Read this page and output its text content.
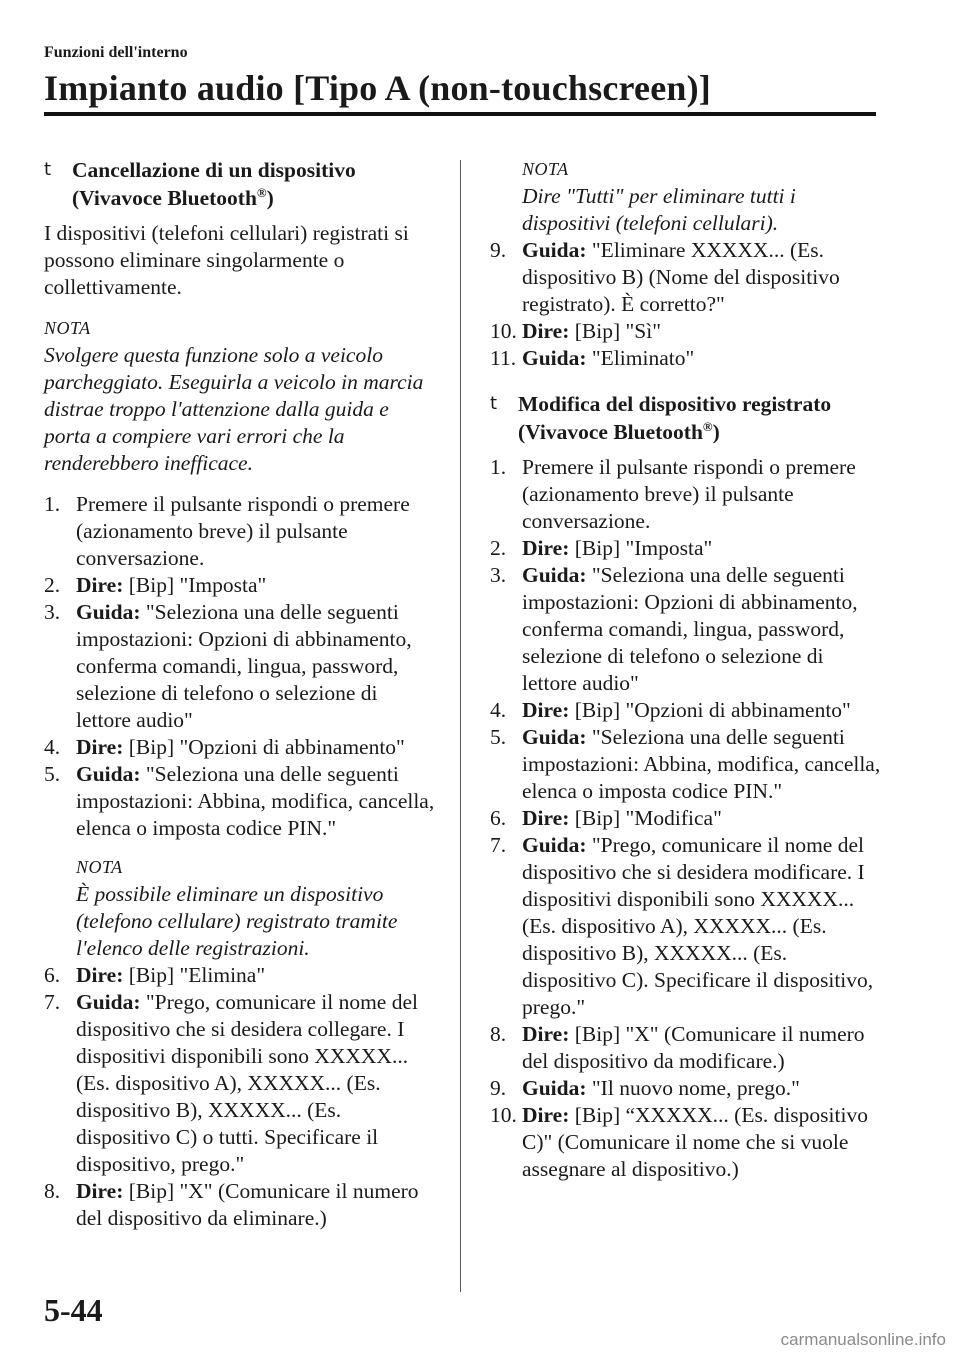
Funzioni dell'interno
Impianto audio [Tipo A (non-touchscreen)]
t Cancellazione di un dispositivo
(Vivavoce Bluetooth®)

I dispositivi (telefoni cellulari) registrati si possono eliminare singolarmente o collettivamente.

NOTA
Svolgere questa funzione solo a veicolo parcheggiato. Eseguirla a veicolo in marcia distrae troppo l'attenzione dalla guida e porta a compiere vari errori che la renderebbero inefficace.
1. Premere il pulsante rispondi o premere (azionamento breve) il pulsante conversazione.
2. Dire: [Bip] "Imposta"
3. Guida: "Seleziona una delle seguenti impostazioni: Opzioni di abbinamento, conferma comandi, lingua, password, selezione di telefono o selezione di lettore audio"
4. Dire: [Bip] "Opzioni di abbinamento"
5. Guida: "Seleziona una delle seguenti impostazioni: Abbina, modifica, cancella, elenca o imposta codice PIN."
NOTA
È possibile eliminare un dispositivo (telefono cellulare) registrato tramite l'elenco delle registrazioni.
6. Dire: [Bip] "Elimina"
7. Guida: "Prego, comunicare il nome del dispositivo che si desidera collegare. I dispositivi disponibili sono XXXXX... (Es. dispositivo A), XXXXX... (Es. dispositivo B), XXXXX... (Es. dispositivo C) o tutti. Specificare il dispositivo, prego."
8. Dire: [Bip] "X" (Comunicare il numero del dispositivo da eliminare.)
NOTA
Dire "Tutti" per eliminare tutti i dispositivi (telefoni cellulari).
9. Guida: "Eliminare XXXXX... (Es. dispositivo B) (Nome del dispositivo registrato). È corretto?"
10. Dire: [Bip] "Sì"
11. Guida: "Eliminato"
t Modifica del dispositivo registrato
(Vivavoce Bluetooth®)
1. Premere il pulsante rispondi o premere (azionamento breve) il pulsante conversazione.
2. Dire: [Bip] "Imposta"
3. Guida: "Seleziona una delle seguenti impostazioni: Opzioni di abbinamento, conferma comandi, lingua, password, selezione di telefono o selezione di lettore audio"
4. Dire: [Bip] "Opzioni di abbinamento"
5. Guida: "Seleziona una delle seguenti impostazioni: Abbina, modifica, cancella, elenca o imposta codice PIN."
6. Dire: [Bip] "Modifica"
7. Guida: "Prego, comunicare il nome del dispositivo che si desidera modificare. I dispositivi disponibili sono XXXXX... (Es. dispositivo A), XXXXX... (Es. dispositivo B), XXXXX... (Es. dispositivo C). Specificare il dispositivo, prego."
8. Dire: [Bip] "X" (Comunicare il numero del dispositivo da modificare.)
9. Guida: "Il nuovo nome, prego."
10. Dire: [Bip] “XXXXX... (Es. dispositivo C)" (Comunicare il nome che si vuole assegnare al dispositivo.)
5-44
carmanualsonline.info
